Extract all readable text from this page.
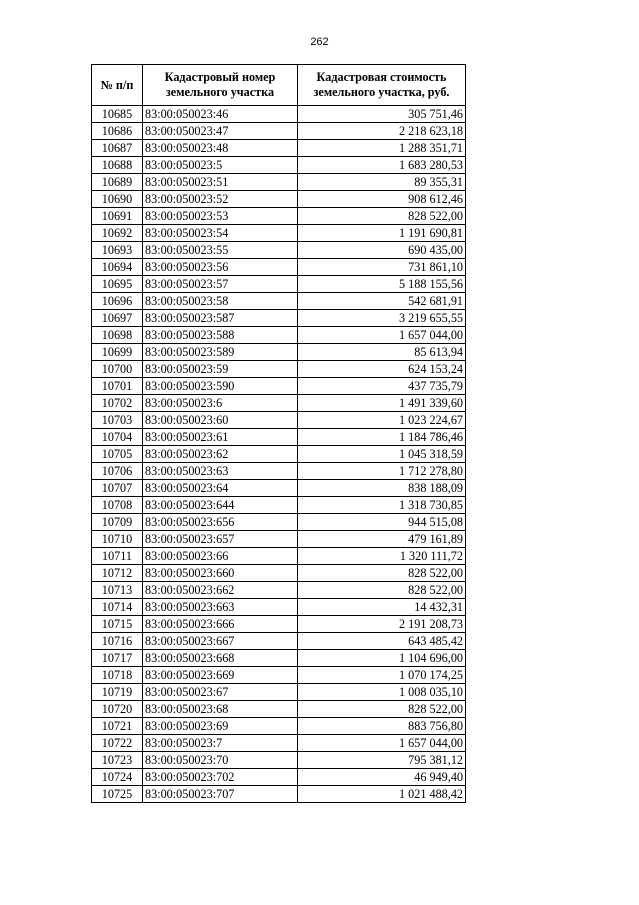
262
№ п/п	Кадастровый номер земельного участка	Кадастровая стоимость земельного участка, руб.
10685	83:00:050023:46	305 751,46
10686	83:00:050023:47	2 218 623,18
10687	83:00:050023:48	1 288 351,71
10688	83:00:050023:5	1 683 280,53
10689	83:00:050023:51	89 355,31
10690	83:00:050023:52	908 612,46
10691	83:00:050023:53	828 522,00
10692	83:00:050023:54	1 191 690,81
10693	83:00:050023:55	690 435,00
10694	83:00:050023:56	731 861,10
10695	83:00:050023:57	5 188 155,56
10696	83:00:050023:58	542 681,91
10697	83:00:050023:587	3 219 655,55
10698	83:00:050023:588	1 657 044,00
10699	83:00:050023:589	85 613,94
10700	83:00:050023:59	624 153,24
10701	83:00:050023:590	437 735,79
10702	83:00:050023:6	1 491 339,60
10703	83:00:050023:60	1 023 224,67
10704	83:00:050023:61	1 184 786,46
10705	83:00:050023:62	1 045 318,59
10706	83:00:050023:63	1 712 278,80
10707	83:00:050023:64	838 188,09
10708	83:00:050023:644	1 318 730,85
10709	83:00:050023:656	944 515,08
10710	83:00:050023:657	479 161,89
10711	83:00:050023:66	1 320 111,72
10712	83:00:050023:660	828 522,00
10713	83:00:050023:662	828 522,00
10714	83:00:050023:663	14 432,31
10715	83:00:050023:666	2 191 208,73
10716	83:00:050023:667	643 485,42
10717	83:00:050023:668	1 104 696,00
10718	83:00:050023:669	1 070 174,25
10719	83:00:050023:67	1 008 035,10
10720	83:00:050023:68	828 522,00
10721	83:00:050023:69	883 756,80
10722	83:00:050023:7	1 657 044,00
10723	83:00:050023:70	795 381,12
10724	83:00:050023:702	46 949,40
10725	83:00:050023:707	1 021 488,42
